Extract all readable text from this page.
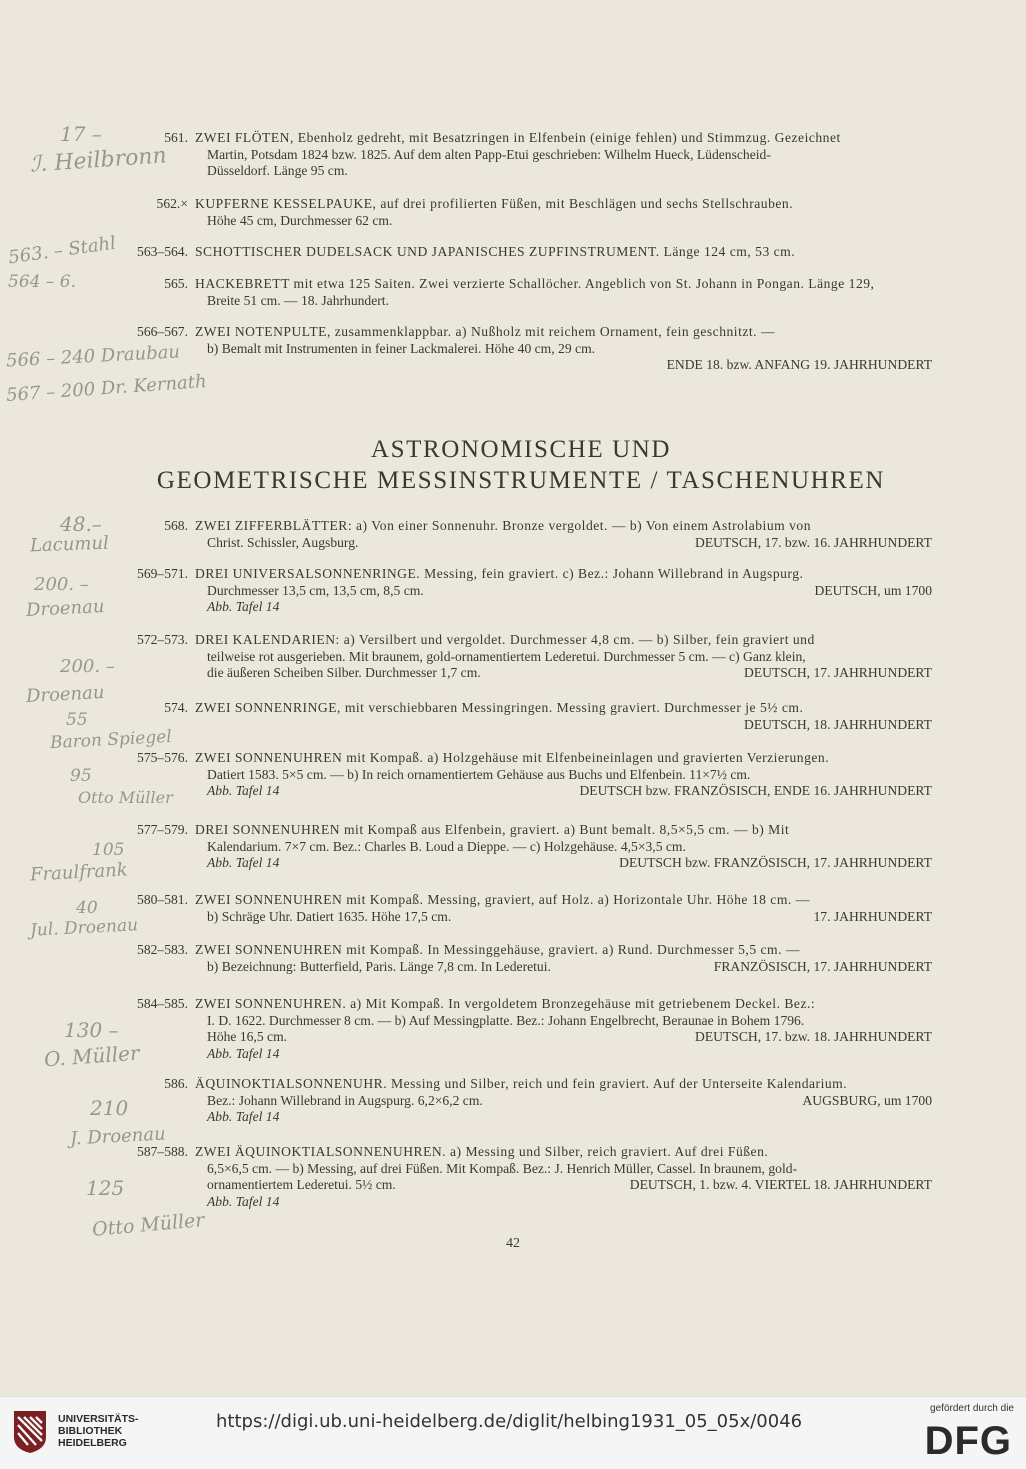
561. ZWEI FLÖTEN, Ebenholz gedreht, mit Besatzringen in Elfenbein (einige fehlen) und Stimmzug. Gezeichnet
Martin, Potsdam 1824 bzw. 1825. Auf dem alten Papp-Etui geschrieben: Wilhelm Hueck, Lüdenscheid-
Düsseldorf. Länge 95 cm.
562.× KUPFERNE KESSELPAUKE, auf drei profilierten Füßen, mit Beschlägen und sechs Stellschrauben.
Höhe 45 cm, Durchmesser 62 cm.
563–564. SCHOTTISCHER DUDELSACK UND JAPANISCHES ZUPFINSTRUMENT. Länge 124 cm, 53 cm.
565. HACKEBRETT mit etwa 125 Saiten. Zwei verzierte Schallöcher. Angeblich von St. Johann in Pongan. Länge 129,
Breite 51 cm. — 18. Jahrhundert.
566–567. ZWEI NOTENPULTE, zusammenklappbar. a) Nußholz mit reichem Ornament, fein geschnitzt. —
b) Bemalt mit Instrumenten in feiner Lackmalerei. Höhe 40 cm, 29 cm.
ENDE 18. bzw. ANFANG 19. JAHRHUNDERT
ASTRONOMISCHE UND
GEOMETRISCHE MESSINSTRUMENTE / TASCHENUHREN
568. ZWEI ZIFFERBLÄTTER: a) Von einer Sonnenuhr. Bronze vergoldet. — b) Von einem Astrolabium von
Christ. Schissler, Augsburg.	DEUTSCH, 17. bzw. 16. JAHRHUNDERT
569–571. DREI UNIVERSALSONNENRINGE. Messing, fein graviert. c) Bez.: Johann Willebrand in Augspurg.
Durchmesser 13,5 cm, 13,5 cm, 8,5 cm.	DEUTSCH, um 1700
Abb. Tafel 14
572–573. DREI KALENDARIEN: a) Versilbert und vergoldet. Durchmesser 4,8 cm. — b) Silber, fein graviert und
teilweise rot ausgerieben. Mit braunem, gold-ornamentiertem Lederetui. Durchmesser 5 cm. — c) Ganz klein,
die äußeren Scheiben Silber. Durchmesser 1,7 cm.	DEUTSCH, 17. JAHRHUNDERT
574. ZWEI SONNENRINGE, mit verschiebbaren Messingringen. Messing graviert. Durchmesser je 5½ cm.
DEUTSCH, 18. JAHRHUNDERT
575–576. ZWEI SONNENUHREN mit Kompaß. a) Holzgehäuse mit Elfenbeineinlagen und gravierten Verzierungen.
Datiert 1583. 5×5 cm. — b) In reich ornamentiertem Gehäuse aus Buchs und Elfenbein. 11×7½ cm.
Abb. Tafel 14	DEUTSCH bzw. FRANZÖSISCH, ENDE 16. JAHRHUNDERT
577–579. DREI SONNENUHREN mit Kompaß aus Elfenbein, graviert. a) Bunt bemalt. 8,5×5,5 cm. — b) Mit
Kalendarium. 7×7 cm. Bez.: Charles B. Loud a Dieppe. — c) Holzgehäuse. 4,5×3,5 cm.
Abb. Tafel 14	DEUTSCH bzw. FRANZÖSISCH, 17. JAHRHUNDERT
580–581. ZWEI SONNENUHREN mit Kompaß. Messing, graviert, auf Holz. a) Horizontale Uhr. Höhe 18 cm. —
b) Schräge Uhr. Datiert 1635. Höhe 17,5 cm.	17. JAHRHUNDERT
582–583. ZWEI SONNENUHREN mit Kompaß. In Messinggehäuse, graviert. a) Rund. Durchmesser 5,5 cm. —
b) Bezeichnung: Butterfield, Paris. Länge 7,8 cm. In Lederetui.	FRANZÖSISCH, 17. JAHRHUNDERT
584–585. ZWEI SONNENUHREN. a) Mit Kompaß. In vergoldetem Bronzegehäuse mit getriebenem Deckel. Bez.:
I. D. 1622. Durchmesser 8 cm. — b) Auf Messingplatte. Bez.: Johann Engelbrecht, Beraunae in Bohem 1796.
Höhe 16,5 cm.	DEUTSCH, 17. bzw. 18. JAHRHUNDERT
Abb. Tafel 14
586. ÄQUINOKTIALSONNENUHR. Messing und Silber, reich und fein graviert. Auf der Unterseite Kalendarium.
Bez.: Johann Willebrand in Augspurg. 6,2×6,2 cm.	AUGSBURG, um 1700
Abb. Tafel 14
587–588. ZWEI ÄQUINOKTIALSONNENUHREN. a) Messing und Silber, reich graviert. Auf drei Füßen.
6,5×6,5 cm. — b) Messing, auf drei Füßen. Mit Kompaß. Bez.: J. Henrich Müller, Cassel. In braunem, gold-
ornamentiertem Lederetui. 5½ cm.	DEUTSCH, 1. bzw. 4. VIERTEL 18. JAHRHUNDERT
Abb. Tafel 14
17 –
ℐ. Heilbronn
563. – Stahl
564 – 6.
566 – 240 Draubau
567 – 200 Dr. Kernath
48.–
Lacumul
200. –
Droenau
200. –
Droenau
55
Baron Spiegel
95
Otto Müller
105
Fraulfrank
40
Jul. Droenau
130 –
O. Müller
210
J. Droenau
125
Otto Müller
42
UNIVERSITÄTS-
BIBLIOTHEK
HEIDELBERG
https://digi.ub.uni-heidelberg.de/diglit/helbing1931_05_05x/0046
gefördert durch die
DFG
